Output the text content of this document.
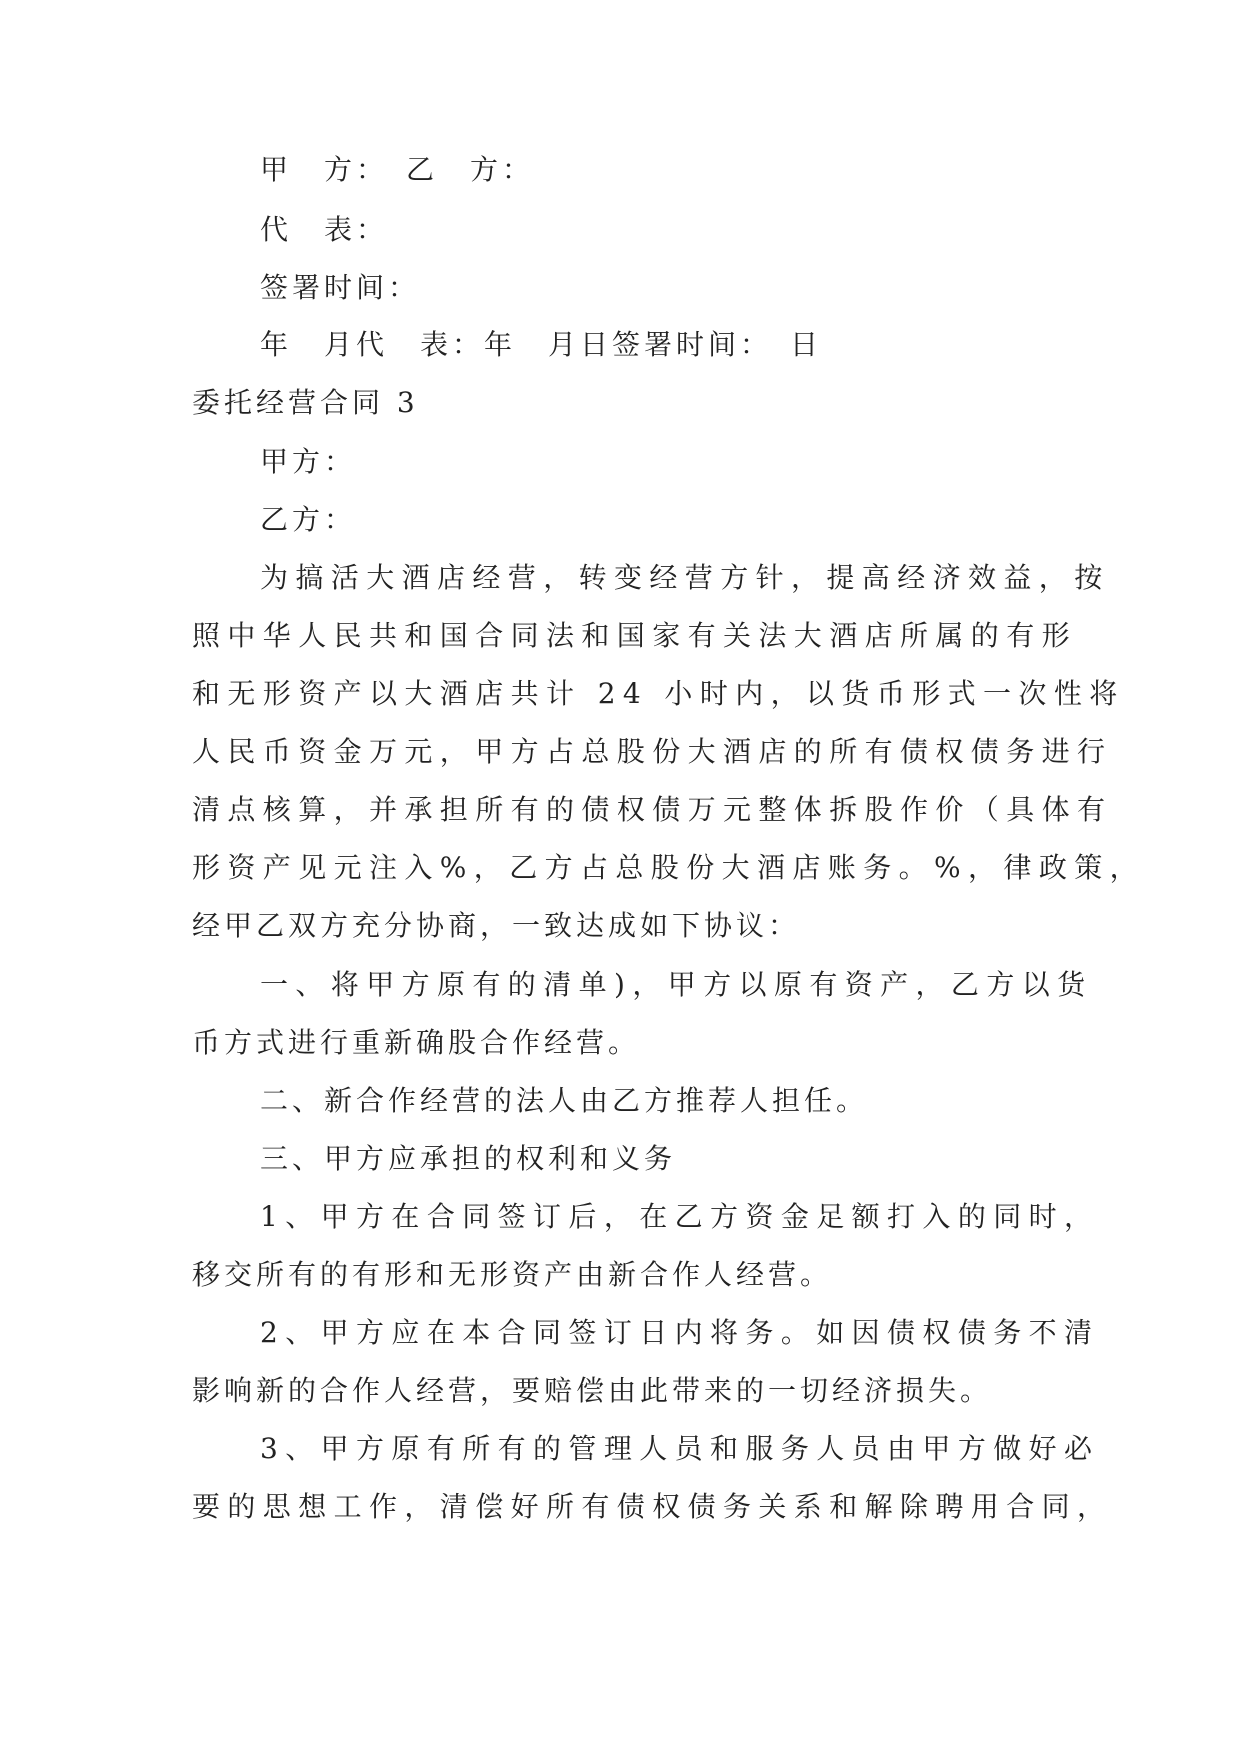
甲　方：　乙　方：
代　表：
签署时间：
年　月代　表：年　月日签署时间：　日
委托经营合同 3
甲方：
乙方：
为搞活大酒店经营，转变经营方针，提高经济效益，按
照中华人民共和国合同法和国家有关法大酒店所属的有形
和无形资产以大酒店共计 24 小时内，以货币形式一次性将
人民币资金万元，甲方占总股份大酒店的所有债权债务进行
清点核算，并承担所有的债权债万元整体拆股作价（具体有
形资产见元注入%，乙方占总股份大酒店账务。%，律政策，
经甲乙双方充分协商，一致达成如下协议：
一、将甲方原有的清单)，甲方以原有资产，乙方以货
币方式进行重新确股合作经营。
二、新合作经营的法人由乙方推荐人担任。
三、甲方应承担的权利和义务
1、甲方在合同签订后，在乙方资金足额打入的同时，
移交所有的有形和无形资产由新合作人经营。
2、甲方应在本合同签订日内将务。如因债权债务不清
影响新的合作人经营，要赔偿由此带来的一切经济损失。
3、甲方原有所有的管理人员和服务人员由甲方做好必
要的思想工作，清偿好所有债权债务关系和解除聘用合同，
